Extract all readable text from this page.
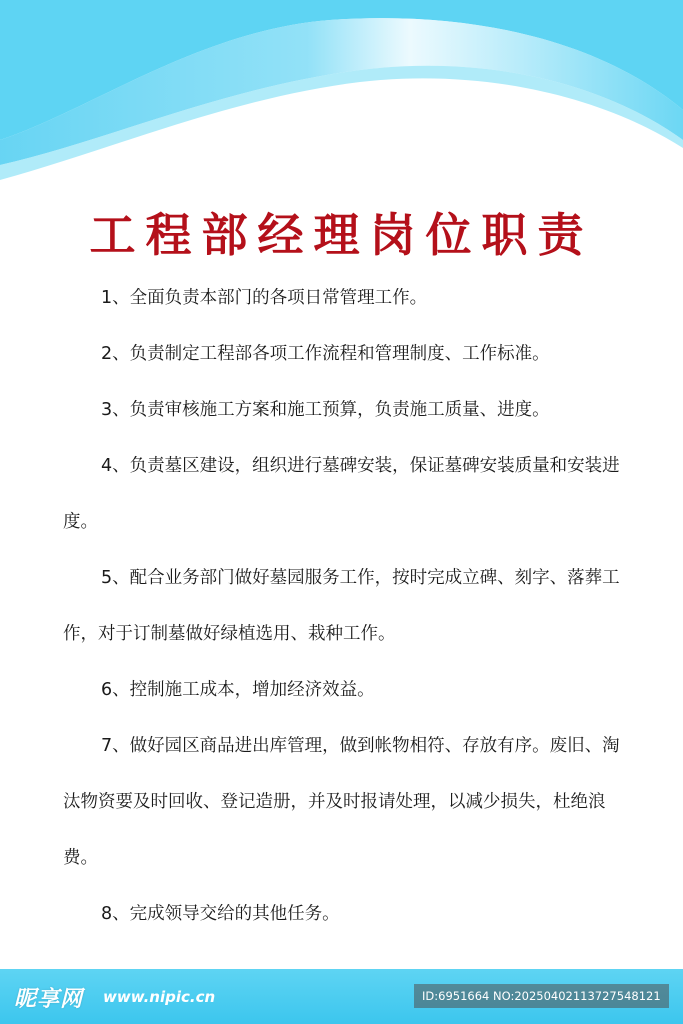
工程部经理岗位职责

1、全面负责本部门的各项日常管理工作。

2、负责制定工程部各项工作流程和管理制度、工作标准。

3、负责审核施工方案和施工预算，负责施工质量、进度。

4、负责墓区建设，组织进行墓碑安装，保证墓碑安装质量和安装进度。

5、配合业务部门做好墓园服务工作，按时完成立碑、刻字、落葬工作，对于订制墓做好绿植选用、栽种工作。

6、控制施工成本，增加经济效益。

7、做好园区商品进出库管理，做到帐物相符、存放有序。废旧、淘汰物资要及时回收、登记造册，并及时报请处理，以减少损失，杜绝浪费。

8、完成领导交给的其他任务。

昵享网 www.nipic.cn	ID:6951664 NO:20250402113727548121
